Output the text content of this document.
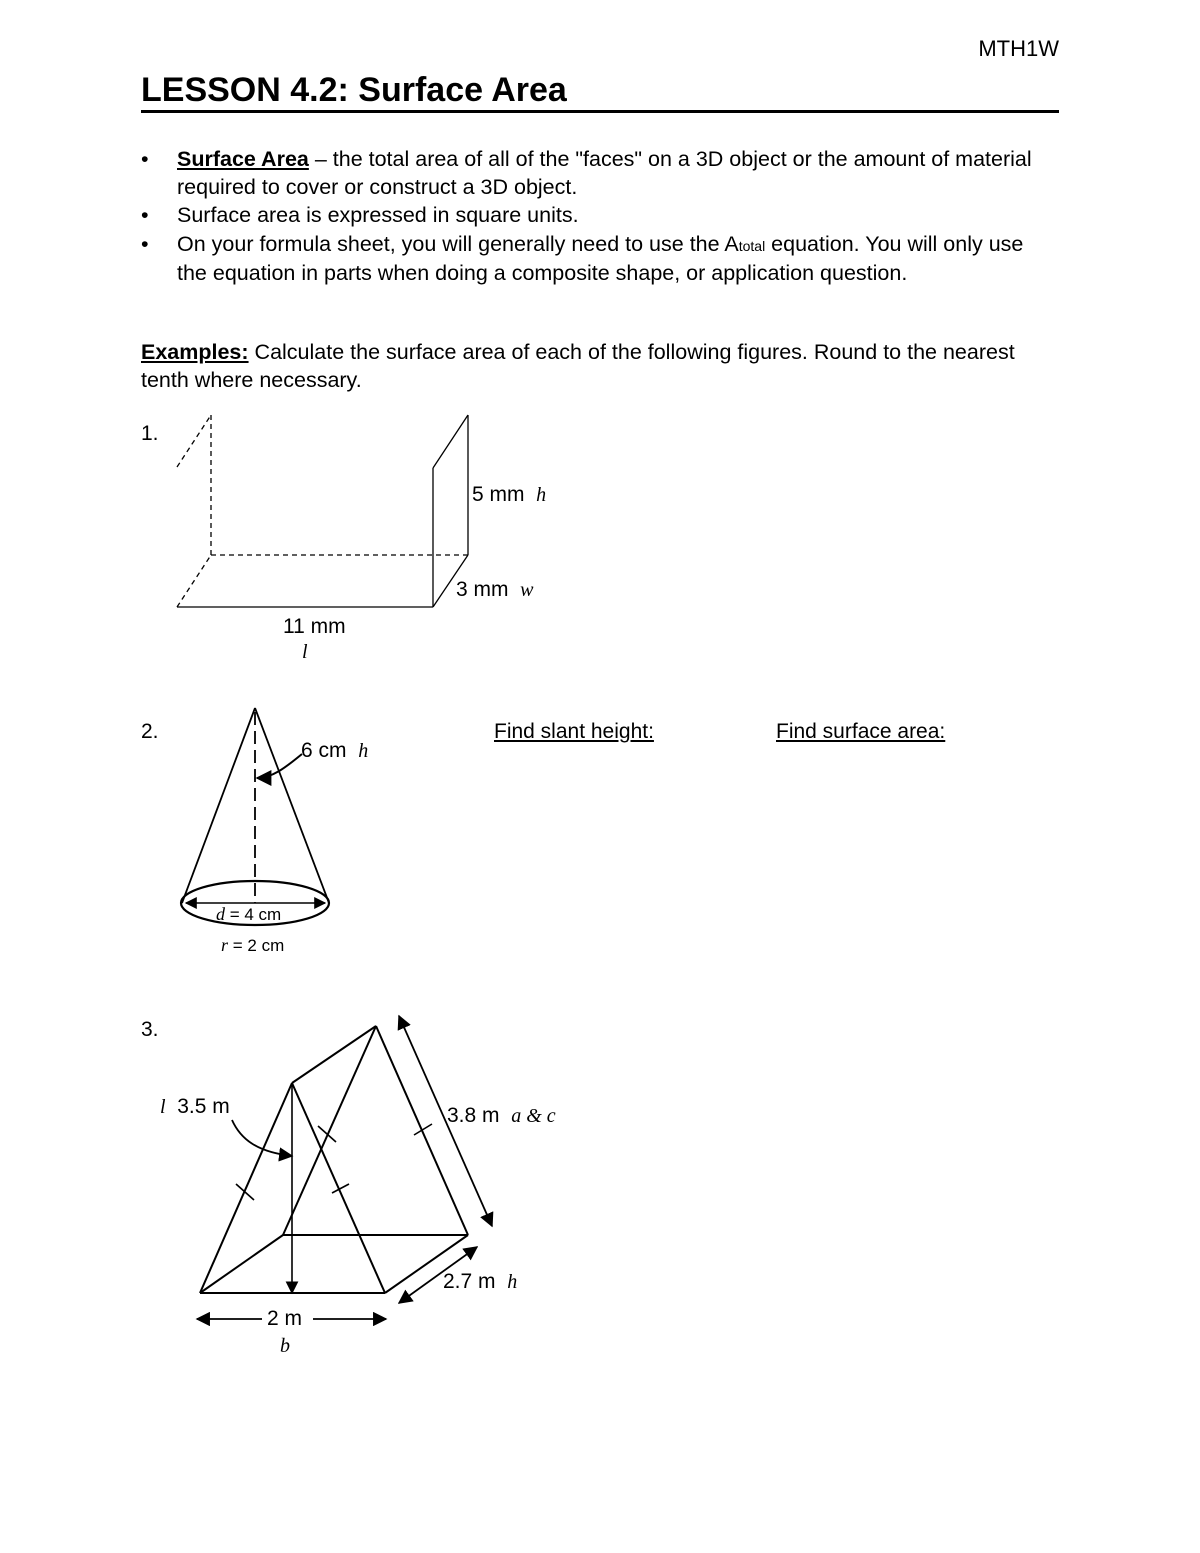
MTH1W
LESSON 4.2: Surface Area
• Surface Area – the total area of all of the "faces" on a 3D object or the amount of material required to cover or construct a 3D object.
• Surface area is expressed in square units.
• On your formula sheet, you will generally need to use the Atotal equation. You will only use the equation in parts when doing a composite shape, or application question.
Examples: Calculate the surface area of each of the following figures. Round to the nearest tenth where necessary.
1.
5 mm h
3 mm w
11 mm
l
2.
6 cm h
d = 4 cm
r = 2 cm
Find slant height:	Find surface area:
3.
l 3.5 m	3.8 m a & c
2.7 m h
2 m
b
